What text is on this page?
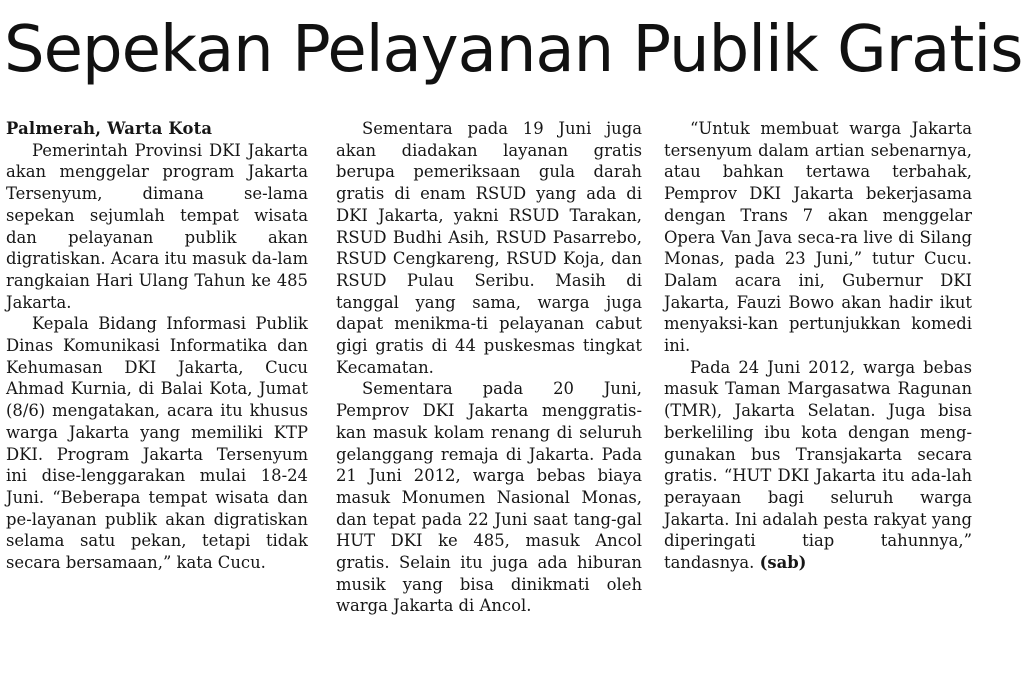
Sepekan Pelayanan Publik Gratis
Palmerah, Warta Kota

Pemerintah Provinsi DKI Jakarta akan menggelar program Jakarta Tersenyum, dimana se-lama sepekan sejumlah tempat wisata dan pelayanan publik akan digratiskan. Acara itu masuk da-lam rangkaian Hari Ulang Tahun ke 485 Jakarta.

Kepala Bidang Informasi Publik Dinas Komunikasi Informatika dan Kehumasan DKI Jakarta, Cucu Ahmad Kurnia, di Balai Kota, Jumat (8/6) mengatakan, acara itu khusus warga Jakarta yang memiliki KTP DKI. Program Jakarta Tersenyum ini dise-lenggarakan mulai 18-24 Juni. “Beberapa tempat wisata dan pe-layanan publik akan digratiskan selama satu pekan, tetapi tidak secara bersamaan,” kata Cucu.

Sementara pada 19 Juni juga akan diadakan layanan gratis berupa pemeriksaan gula darah gratis di enam RSUD yang ada di DKI Jakarta, yakni RSUD Tarakan, RSUD Budhi Asih, RSUD Pasarrebo, RSUD Cengkareng, RSUD Koja, dan RSUD Pulau Seribu. Masih di tanggal yang sama, warga juga dapat menikma-ti pelayanan cabut gigi gratis di 44 puskesmas tingkat Kecamatan.

Sementara pada 20 Juni, Pemprov DKI Jakarta menggratis-kan masuk kolam renang di seluruh gelanggang remaja di Jakarta. Pada 21 Juni 2012, warga bebas biaya masuk Monumen Nasional Monas, dan tepat pada 22 Juni saat tang-gal HUT DKI ke 485, masuk Ancol gratis. Selain itu juga ada hiburan musik yang bisa dinikmati oleh warga Jakarta di Ancol.

“Untuk membuat warga Jakarta tersenyum dalam artian sebenarnya, atau bahkan tertawa terbahak, Pemprov DKI Jakarta bekerjasama dengan Trans 7 akan menggelar Opera Van Java seca-ra live di Silang Monas, pada 23 Juni,” tutur Cucu. Dalam acara ini, Gubernur DKI Jakarta, Fauzi Bowo akan hadir ikut menyaksi-kan pertunjukkan komedi ini.

Pada 24 Juni 2012, warga bebas masuk Taman Margasatwa Ragunan (TMR), Jakarta Selatan. Juga bisa berkeliling ibu kota dengan meng-gunakan bus Transjakarta secara gratis. “HUT DKI Jakarta itu ada-lah perayaan bagi seluruh warga Jakarta. Ini adalah pesta rakyat yang diperingati tiap tahunnya,” tandasnya. (sab)
